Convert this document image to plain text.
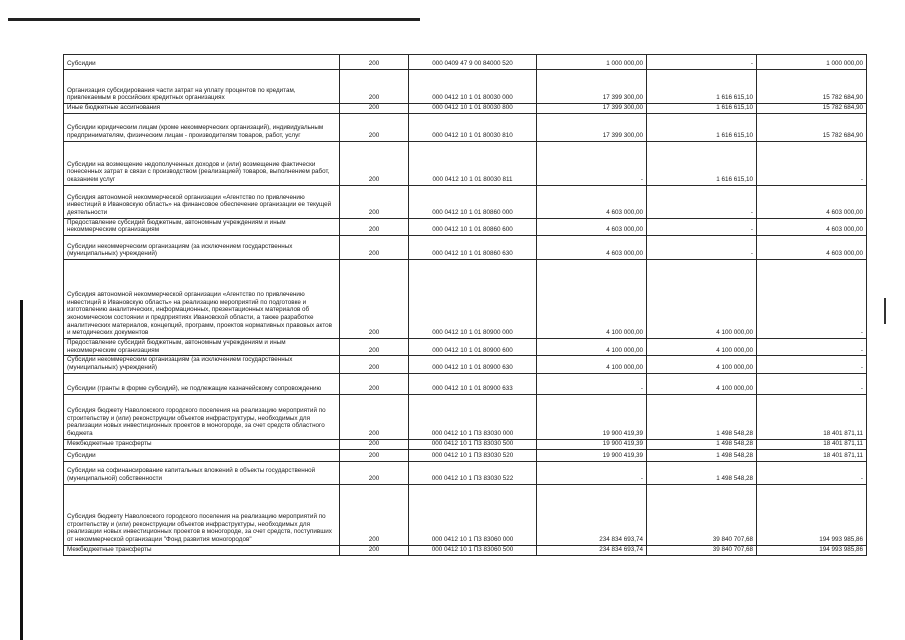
Субсидии	200	000 0409 47 9 00 84000 520	1 000 000,00	-	1 000 000,00
Организация субсидирования части затрат на уплату процентов по кредитам, привлекаемым в российских кредитных организациях	200	000 0412 10 1 01 80030 000	17 399 300,00	1 616 615,10	15 782 684,90
Иные бюджетные ассигнования	200	000 0412 10 1 01 80030 800	17 399 300,00	1 616 615,10	15 782 684,90
Субсидии юридическим лицам (кроме некоммерческих организаций), индивидуальным предпринимателям, физическим лицам - производителям товаров, работ, услуг	200	000 0412 10 1 01 80030 810	17 399 300,00	1 616 615,10	15 782 684,90
Субсидии на возмещение недополученных доходов и (или) возмещение фактически понесенных затрат в связи с производством (реализацией) товаров, выполнением работ, оказанием услуг	200	000 0412 10 1 01 80030 811	-	1 616 615,10	-
Субсидия автономной некоммерческой организации «Агентство по привлечению инвестиций в Ивановскую область» на финансовое обеспечение организации ее текущей деятельности	200	000 0412 10 1 01 80860 000	4 603 000,00	-	4 603 000,00
Предоставление субсидий бюджетным, автономным учреждениям и иным некоммерческим организациям	200	000 0412 10 1 01 80860 600	4 603 000,00	-	4 603 000,00
Субсидии некоммерческим организациям (за исключением государственных (муниципальных) учреждений)	200	000 0412 10 1 01 80860 630	4 603 000,00	-	4 603 000,00
Субсидия автономной некоммерческой организации «Агентство по привлечению инвестиций в Ивановскую область» на реализацию мероприятий по подготовке и изготовлению аналитических, информационных, презентационных материалов об экономическом состоянии и предприятиях Ивановской области, а также разработке аналитических материалов, концепций, программ, проектов нормативных правовых актов и методических документов	200	000 0412 10 1 01 80900 000	4 100 000,00	4 100 000,00	-
Предоставление субсидий бюджетным, автономным учреждениям и иным некоммерческим организациям	200	000 0412 10 1 01 80900 600	4 100 000,00	4 100 000,00	-
Субсидии некоммерческим организациям (за исключением государственных (муниципальных) учреждений)	200	000 0412 10 1 01 80900 630	4 100 000,00	4 100 000,00	-
Субсидии (гранты в форме субсидий), не подлежащие казначейскому сопровождению	200	000 0412 10 1 01 80900 633	-	4 100 000,00	-
Субсидия бюджету Наволокского городского поселения на реализацию мероприятий по строительству и (или) реконструкции объектов инфраструктуры, необходимых для реализации новых инвестиционных проектов в моногороде, за счет средств областного бюджета	200	000 0412 10 1 П3 83030 000	19 900 419,39	1 498 548,28	18 401 871,11
Межбюджетные трансферты	200	000 0412 10 1 П3 83030 500	19 900 419,39	1 498 548,28	18 401 871,11
Субсидии	200	000 0412 10 1 П3 83030 520	19 900 419,39	1 498 548,28	18 401 871,11
Субсидии на софинансирование капитальных вложений в объекты государственной (муниципальной) собственности	200	000 0412 10 1 П3 83030 522	-	1 498 548,28	-
Субсидия бюджету Наволокского городского поселения на реализацию мероприятий по строительству и (или) реконструкции объектов инфраструктуры, необходимых для реализации новых инвестиционных проектов в моногороде, за счет средств, поступивших от некоммерческой организации "Фонд развития моногородов"	200	000 0412 10 1 П3 83060 000	234 834 693,74	39 840 707,68	194 993 985,86
Межбюджетные трансферты	200	000 0412 10 1 П3 83060 500	234 834 693,74	39 840 707,68	194 993 985,86
